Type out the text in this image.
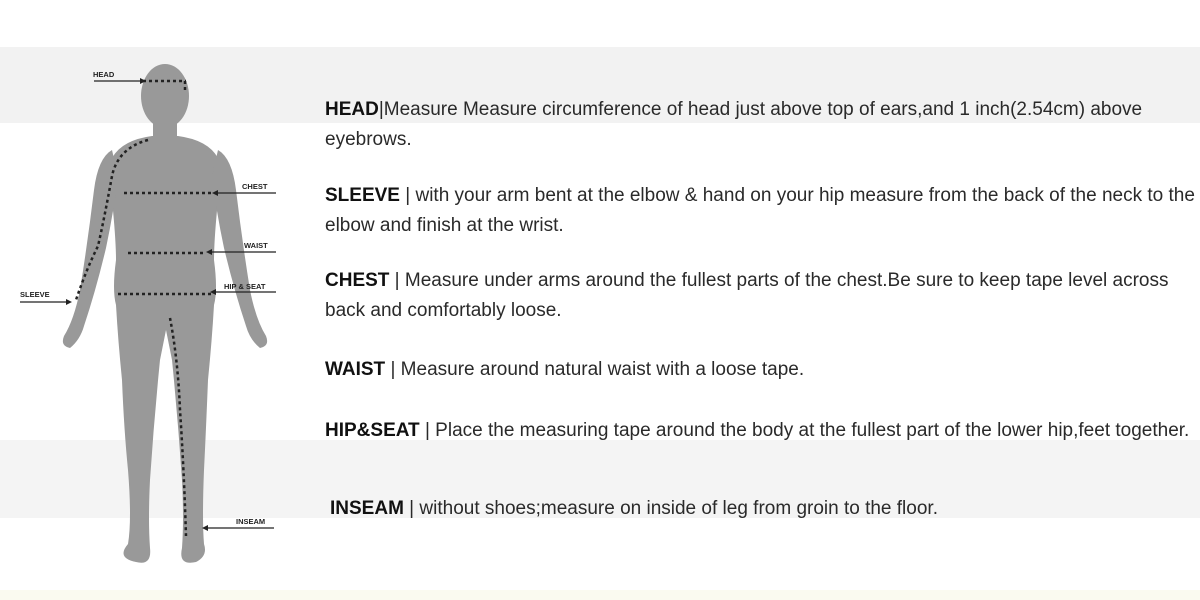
HEAD
CHEST
WAIST
HIP & SEAT
SLEEVE
INSEAM
HEAD|Measure Measure circumference of head just above top of ears,and 1 inch(2.54cm) above eyebrows.
SLEEVE | with your arm bent at the elbow & hand on your hip measure from the back of the neck to the elbow and finish at the wrist.
CHEST | Measure under arms around the fullest parts of the chest.Be sure to keep tape level across back and comfortably loose.
WAIST | Measure around natural waist with a loose tape.
HIP&SEAT | Place the measuring tape around the body at the fullest part of the lower hip,feet together.
INSEAM | without shoes;measure on inside of leg from groin to the floor.
